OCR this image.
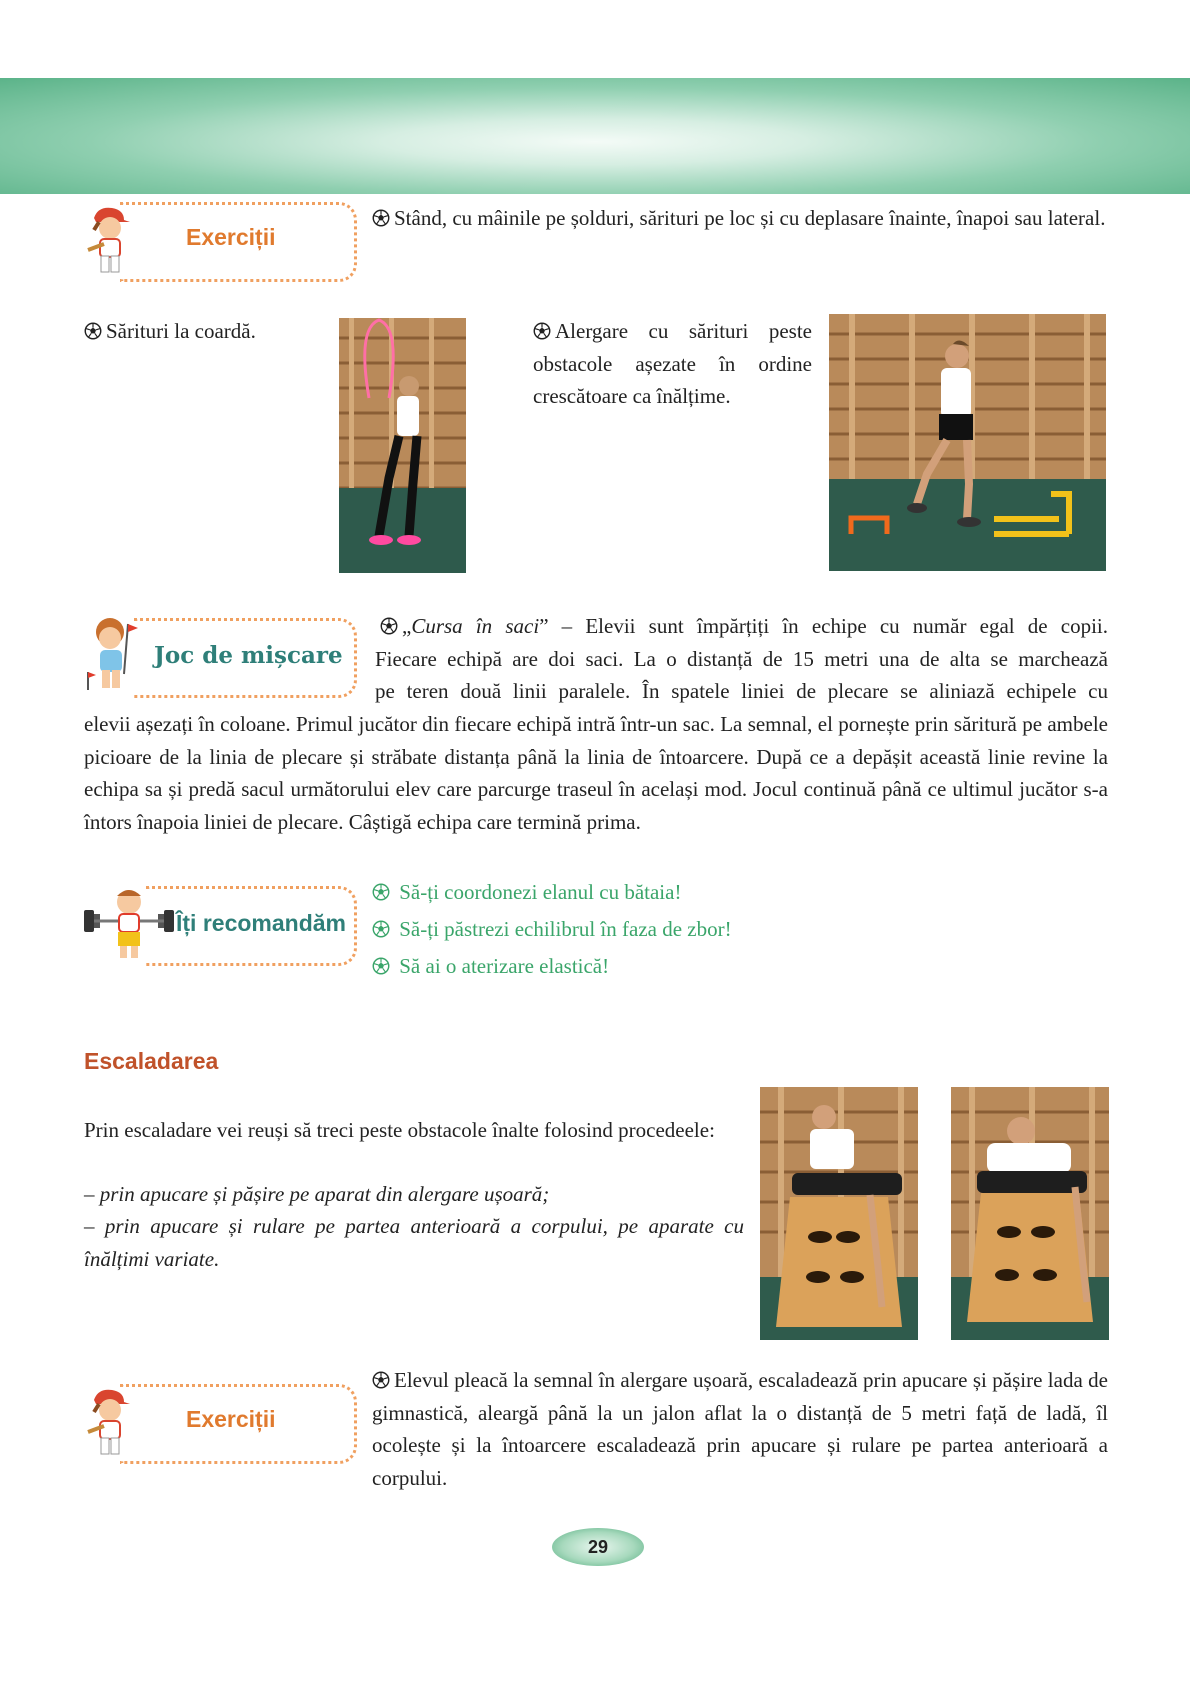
Exerciții
Stând, cu mâinile pe șolduri, sărituri pe loc și cu deplasare înainte, înapoi sau lateral.
Sărituri la coardă.	Alergare cu sărituri peste obstacole așezate în ordine crescătoare ca înălțime.
Joc de mișcare
„Cursa în saci” – Elevii sunt împărțiți în echipe cu număr egal de copii.
Fiecare echipă are doi saci. La o distanță de 15 metri una de alta se marchează
pe teren două linii paralele. În spatele liniei de plecare se aliniază echipele cu
elevii așezați în coloane. Primul jucător din fiecare echipă intră într-un sac. La semnal, el pornește prin săritură pe ambele picioare de la linia de plecare și străbate distanța până la linia de întoarcere. După ce a depășit această linie revine la echipa sa și predă sacul următorului elev care parcurge traseul în același mod. Jocul continuă până ce ultimul jucător s-a întors înapoia liniei de plecare. Câștigă echipa care termină prima.
Îți recomandăm
Să-ți coordonezi elanul cu bătaia!
Să-ți păstrezi echilibrul în faza de zbor!
Să ai o aterizare elastică!
Escaladarea
Prin escaladare vei reuși să treci peste obstacole înalte folosind procedeele:
– prin apucare și pășire pe aparat din alergare ușoară;
– prin apucare și rulare pe partea anterioară a corpului, pe aparate cu înălțimi variate.
Exerciții
Elevul pleacă la semnal în alergare ușoară, escaladează prin apucare și pășire lada de gimnastică, aleargă până la un jalon aflat la o distanță de 5 metri față de ladă, îl ocolește și la întoarcere escaladează prin apucare și rulare pe partea anterioară a corpului.
29
